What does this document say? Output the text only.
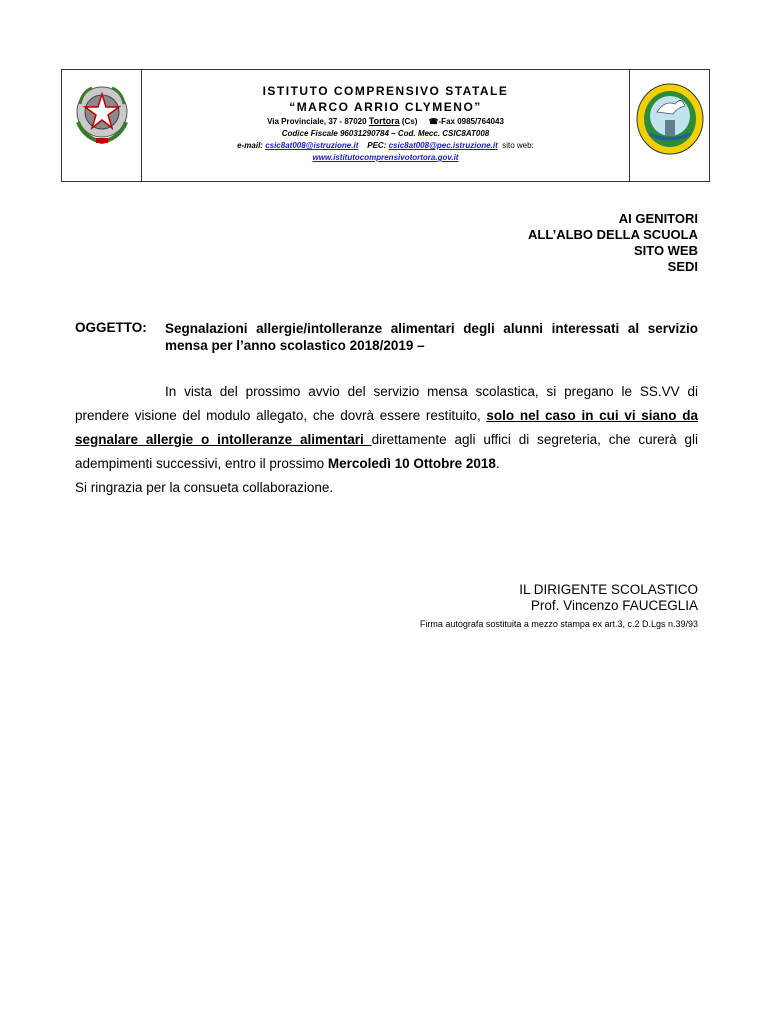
ISTITUTO COMPRENSIVO STATALE

“MARCO ARRIO CLYMENO”

Via Provinciale, 37 - 87020 Tortora (Cs) ☎-Fax 0985/764043

Codice Fiscale 96031290784 – Cod. Mecc. CSIC8AT008

e-mail: csic8at008@istruzione.it PEC: csic8at008@pec.istruzione.it sito web:

www.istitutocomprensivotortora.gov.it

AI GENITORI
ALL’ALBO DELLA SCUOLA
SITO WEB
SEDI
OGGETTO: Segnalazioni allergie/intolleranze alimentari degli alunni interessati al servizio mensa per l’anno scolastico 2018/2019 –

In vista del prossimo avvio del servizio mensa scolastica, si pregano le SS.VV di prendere visione del modulo allegato, che dovrà essere restituito, solo nel caso in cui vi siano da segnalare allergie o intolleranze alimentari direttamente agli uffici di segreteria, che curerà gli adempimenti successivi, entro il prossimo Mercoledì 10 Ottobre 2018.

Si ringrazia per la consueta collaborazione.

IL DIRIGENTE SCOLASTICO
Prof. Vincenzo FAUCEGLIA
Firma autografa sostituita a mezzo stampa ex art.3, c.2 D.Lgs n.39/93
